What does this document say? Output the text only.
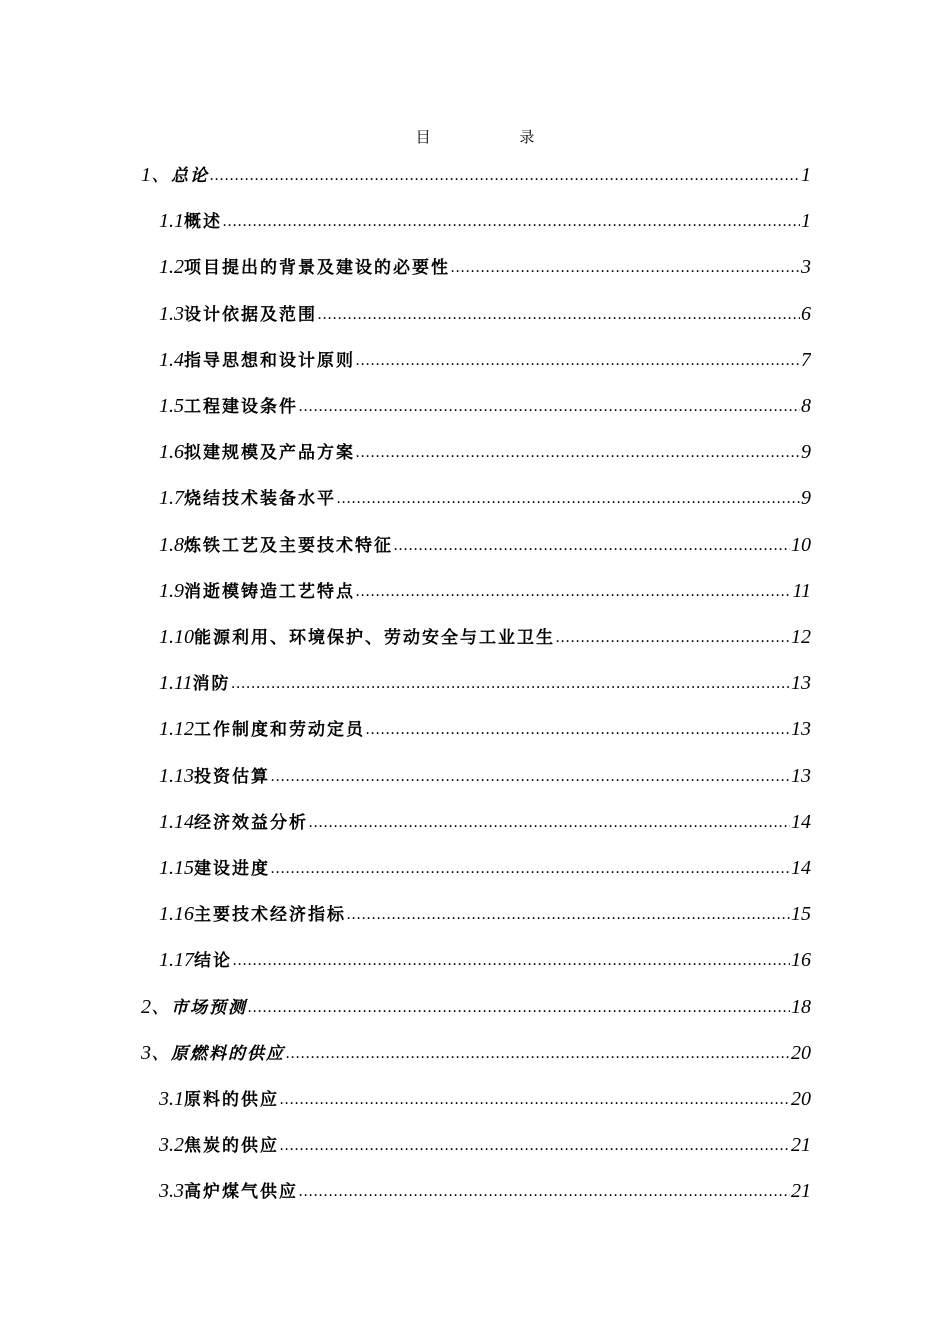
目 录
1、 总论 .....	1
1.1 概述 .....	1
1.2 项目提出的背景及建设的必要性 .....	3
1.3 设计依据及范围 .....	6
1.4 指导思想和设计原则 .....	7
1.5 工程建设条件 .....	8
1.6 拟建规模及产品方案 .....	9
1.7 烧结技术装备水平 .....	9
1.8 炼铁工艺及主要技术特征 .....	10
1.9 消逝模铸造工艺特点 .....	11
1.10 能源利用、环境保护、劳动安全与工业卫生 .....	12
1.11 消防 .....	13
1.12 工作制度和劳动定员 .....	13
1.13 投资估算 .....	13
1.14 经济效益分析 .....	14
1.15 建设进度 .....	14
1.16 主要技术经济指标 .....	15
1.17 结论 .....	16
2、 市场预测 .....	18
3、 原燃料的供应 .....	20
3.1 原料的供应 .....	20
3.2 焦炭的供应 .....	21
3.3 高炉煤气供应 .....	21
